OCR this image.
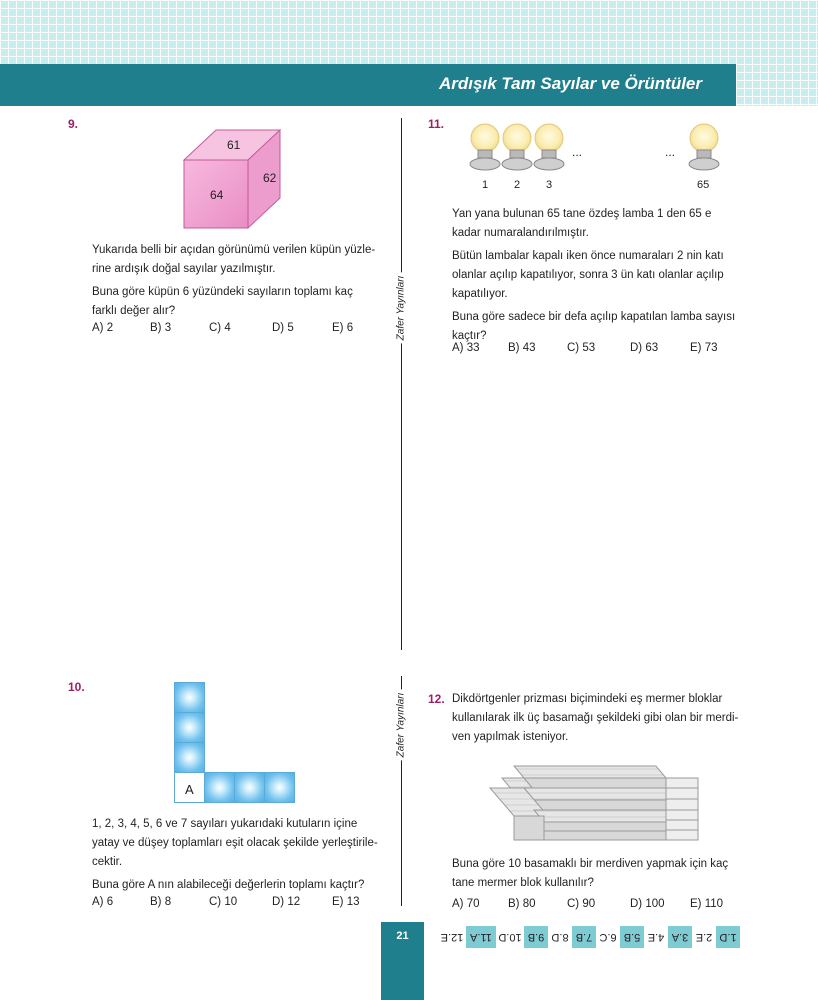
Ardışık Tam Sayılar ve Örüntüler
Zafer Yayınları
Zafer Yayınları
9.
61
64
62
Yukarıda belli bir açıdan görünümü verilen küpün yüzle-
rine ardışık doğal sayılar yazılmıştır.
Buna göre küpün 6 yüzündeki sayıların toplamı kaç
farklı değer alır?
A) 2	B) 3	C) 4	D) 5	E) 6
11.
...	...
1 2 3	65
Yan yana bulunan 65 tane özdeş lamba 1 den 65 e
kadar numaralandırılmıştır.
Bütün lambalar kapalı iken önce numaraları 2 nin katı
olanlar açılıp kapatılıyor, sonra 3 ün katı olanlar açılıp
kapatılıyor.
Buna göre sadece bir defa açılıp kapatılan lamba sayısı
kaçtır?
A) 33 B) 43	C) 53	D) 63	E) 73
10.
A
1, 2, 3, 4, 5, 6 ve 7 sayıları yukarıdaki kutuların içine
yatay ve düşey toplamları eşit olacak şekilde yerleştirile-
cektir.
Buna göre A nın alabileceği değerlerin toplamı kaçtır?
A) 6	B) 8	C) 10	D) 12	E) 13
12. Dikdörtgenler prizması biçimindeki eş mermer bloklar
kullanılarak ilk üç basamağı şekildeki gibi olan bir merdi-
ven yapılmak isteniyor.
Buna göre 10 basamaklı bir merdiven yapmak için kaç
tane mermer blok kullanılır?
A) 70 B) 80	C) 90	D) 100 E) 110
21	1.D
2.E
3.A
4.E
5.B
6.C
7.B
8.D
9.B
10.D
11.A
12.E
